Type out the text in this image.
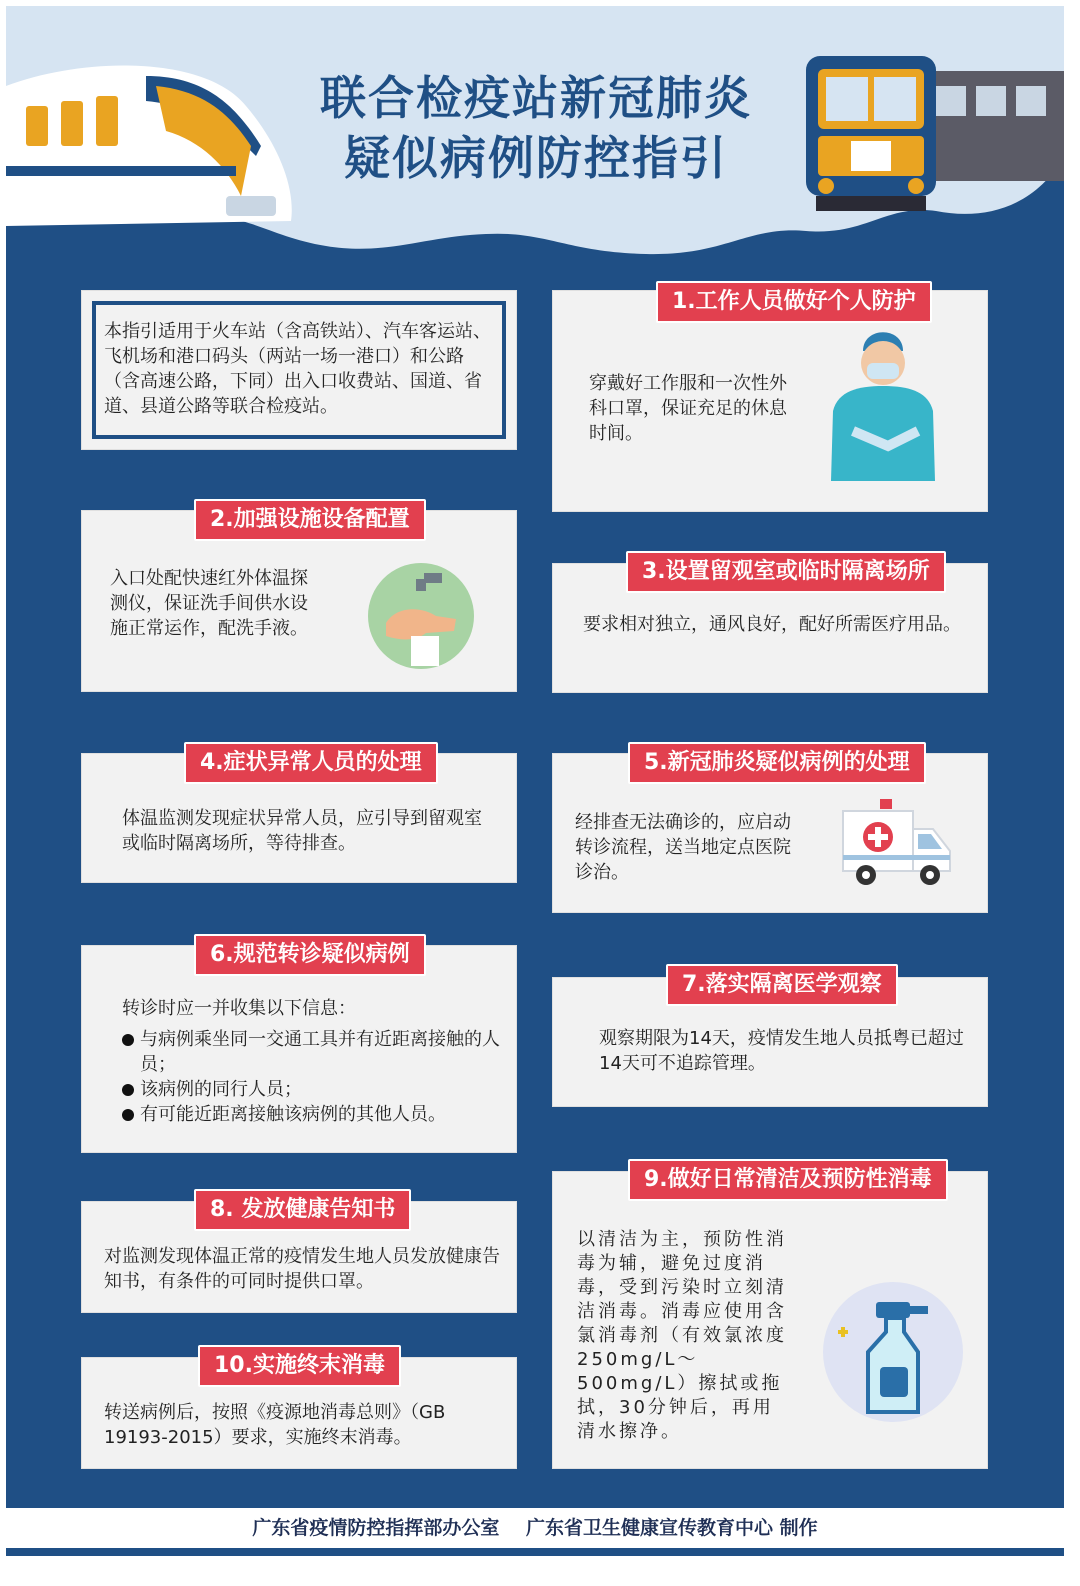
联合检疫站新冠肺炎
疑似病例防控指引
本指引适用于火车站（含高铁站）、汽车客运站、飞机场和港口码头（两站一场一港口）和公路（含高速公路，下同）出入口收费站、国道、省道、县道公路等联合检疫站。
穿戴好工作服和一次性外科口罩，保证充足的休息时间。
1.工作人员做好个人防护
入口处配快速红外体温探测仪，保证洗手间供水设施正常运作，配洗手液。
2.加强设施设备配置
要求相对独立，通风良好，配好所需医疗用品。
3.设置留观室或临时隔离场所
体温监测发现症状异常人员，应引导到留观室或临时隔离场所，等待排查。
4.症状异常人员的处理
经排查无法确诊的，应启动转诊流程，送当地定点医院诊治。
5.新冠肺炎疑似病例的处理
转诊时应一并收集以下信息：
与病例乘坐同一交通工具并有近距离接触的人员；
该病例的同行人员；
有可能近距离接触该病例的其他人员。
6.规范转诊疑似病例
观察期限为14天，疫情发生地人员抵粤已超过14天可不追踪管理。
7.落实隔离医学观察
对监测发现体温正常的疫情发生地人员发放健康告知书，有条件的可同时提供口罩。
8. 发放健康告知书
以清洁为主，预防性消毒为辅，避免过度消毒，受到污染时立刻清洁消毒。消毒应使用含氯消毒剂（有效氯浓度250mg/L～500mg/L）擦拭或拖拭，30分钟后，再用清水擦净。
9.做好日常清洁及预防性消毒
转送病例后，按照《疫源地消毒总则》（GB 19193-2015）要求，实施终末消毒。
10.实施终末消毒
广东省疫情防控指挥部办公室 广东省卫生健康宣传教育中心 制作
